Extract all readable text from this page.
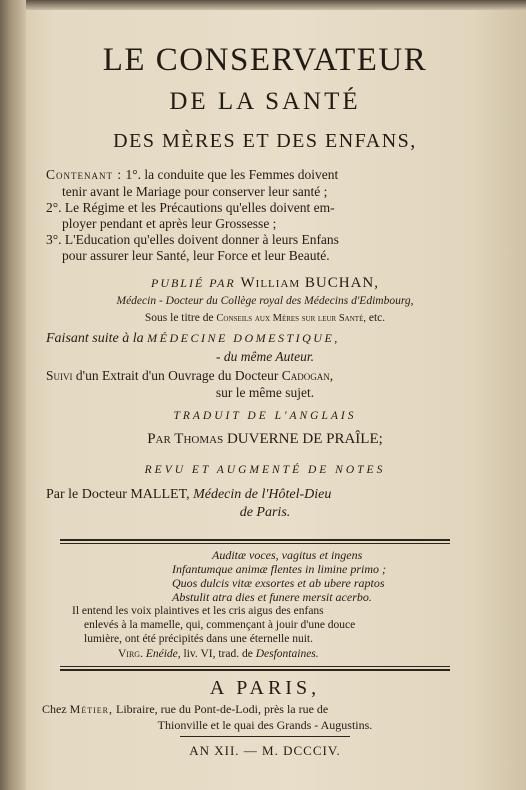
LE CONSERVATEUR
DE LA SANTÉ
DES MÈRES ET DES ENFANS,
Contenant : 1°. la conduite que les Femmes doivent
tenir avant le Mariage pour conserver leur santé ;
2°. Le Régime et les Précautions qu'elles doivent em-
ployer pendant et après leur Grossesse ;
3°. L'Education qu'elles doivent donner à leurs Enfans
pour assurer leur Santé, leur Force et leur Beauté.
PUBLIÉ PAR William BUCHAN,
Médecin - Docteur du Collège royal des Médecins d'Edimbourg,
Sous le titre de Conseils aux Mères sur leur Santé, etc.
Faisant suite à la MÉDECINE DOMESTIQUE,
- du même Auteur.
Suivi d'un Extrait d'un Ouvrage du Docteur Cadogan,
sur le même sujet.
TRADUIT DE L'ANGLAIS
Par Thomas DUVERNE DE PRAÎLE;
REVU ET AUGMENTÉ DE NOTES
Par le Docteur MALLET, Médecin de l'Hôtel-Dieu
de Paris.
Auditæ voces, vagitus et ingens
Infantumque animæ flentes in limine primo ;
Quos dulcis vitæ exsortes et ab ubere raptos
Abstulit atra dies et funere mersit acerbo.
Il entend les voix plaintives et les cris aigus des enfans
enlevés à la mamelle, qui, commençant à jouir d'une douce
lumière, ont été précipités dans une éternelle nuit.
Virg. Enéide, liv. VI, trad. de Desfontaines.
A PARIS,
Chez Métier, Libraire, rue du Pont-de-Lodi, près la rue de
Thionville et le quai des Grands - Augustins.
AN XII. — M. DCCCIV.
